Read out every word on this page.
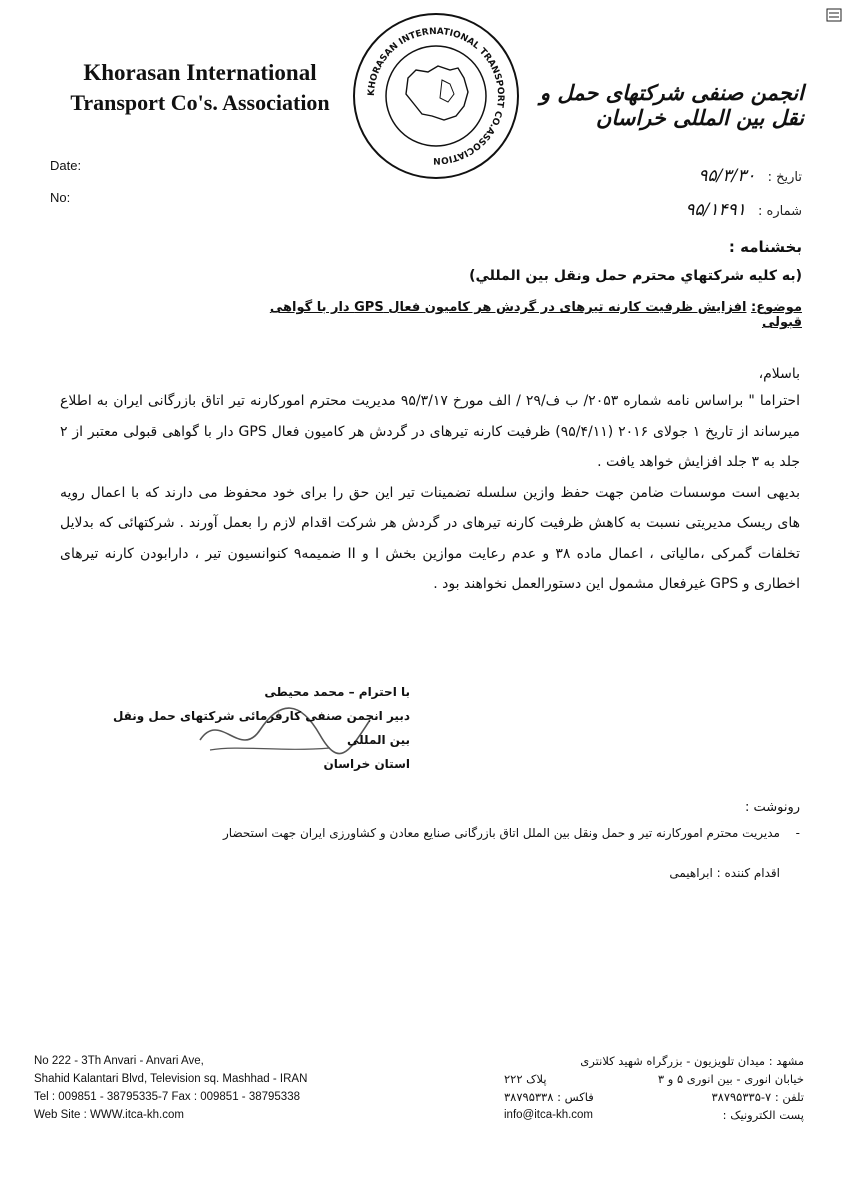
Khorasan International
Transport Co's. Association	KHORASAN INTERNATIONAL TRANSPORT CO.ASSOCIATION
انجمن صنفی شرکتهای حمل و نقل بین المللی خراسان
Date:
No:
تاریخ : ۹۵/۳/۳۰
شماره : ۹۵/۱۴۹۱
بخشنامه :
(به کلیه شرکتهاي محترم حمل ونقل بین المللي)
موضوع: افزایش ظرفیت کارنه تیرهای در گردش هر کامیون فعال GPS دار با گواهی قبولی
باسلام،

احتراما " براساس نامه شماره ۲۰۵۳/ ب ف/۲۹ / الف مورخ ۹۵/۳/۱۷ مدیریت محترم امورکارنه تیر اتاق بازرگانی ایران به اطلاع میرساند از تاریخ ۱ جولای ۲۰۱۶ (۹۵/۴/۱۱) ظرفیت کارنه تیرهای در گردش هر کامیون فعال GPS دار با گواهی قبولی معتبر از ۲ جلد به ۳ جلد افزایش خواهد یافت .

بدیهی است موسسات ضامن جهت حفظ وازین سلسله تضمینات تیر این حق را برای خود محفوظ می دارند که با اعمال رویه های ریسک مدیریتی نسبت به کاهش ظرفیت کارنه تیرهای در گردش هر شرکت اقدام لازم را بعمل آورند . شرکتهائی که بدلایل تخلفات گمرکی ،مالیاتی ، اعمال ماده ۳۸ و عدم رعایت موازین بخش I و II ضمیمه۹ کنوانسیون تیر ، دارابودن کارنه تیرهای اخطاری و GPS غیرفعال مشمول این دستورالعمل نخواهند بود .

با احترام – محمد محیطی
دبیر انجمن صنفی کارفرمائی شرکتهای حمل ونقل بین المللی
استان خراسان
رونوشت :
- مدیریت محترم امورکارنه تیر و حمل ونقل بین الملل اتاق بازرگانی صنایع معادن و کشاورزی ایران جهت استحضار
اقدام کننده : ابراهیمی
No 222 - 3Th Anvari - Anvari Ave,
Shahid Kalantari Blvd, Television sq. Mashhad - IRAN
Tel : 009851 - 38795335-7 Fax : 009851 - 38795338
Web Site : WWW.itca-kh.com
مشهد : میدان تلویزیون - بزرگراه شهید کلانتری
خیابان انوری - بین انوری ۵ و ۳
پلاک ۲۲۲
تلفن : ۷-۳۸۷۹۵۳۳۵
فاکس : ۳۸۷۹۵۳۳۸
پست الکترونیک :
info@itca-kh.com
